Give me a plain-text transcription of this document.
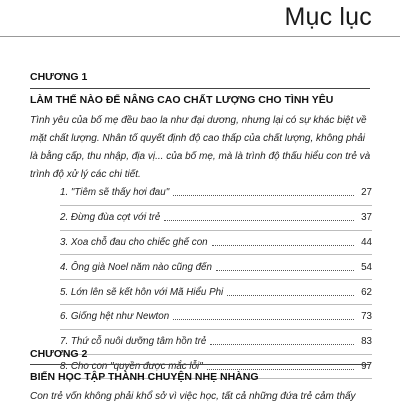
Mục lục
CHƯƠNG 1
LÀM THẾ NÀO ĐỂ NÂNG CAO CHẤT LƯỢNG CHO TÌNH YÊU
Tình yêu của bố mẹ đều bao la như đại dương, nhưng lại có sự khác biệt về mặt chất lượng. Nhân tố quyết định độ cao thấp của chất lượng, không phải là bằng cấp, thu nhập, địa vị... của bố mẹ, mà là trình độ thấu hiểu con trẻ và trình độ xử lý các chi tiết.
1. "Tiêm sẽ thấy hơi đau"	27
2. Đừng đùa cợt với trẻ	37
3. Xoa chỗ đau cho chiếc ghế con	44
4. Ông già Noel năm nào cũng đến	54
5. Lớn lên sẽ kết hôn với Mã Hiểu Phi	62
6. Giống hệt như Newton	73
7. Thứ cỗ nuôi dưỡng tâm hồn trẻ	83
8. Cho con "quyền được mắc lỗi"	97
CHƯƠNG 2
BIẾN HỌC TẬP THÀNH CHUYỆN NHẸ NHÀNG
Con trẻ vốn không phải khổ sở vì việc học, tất cả những đứa trẻ cảm thấy
